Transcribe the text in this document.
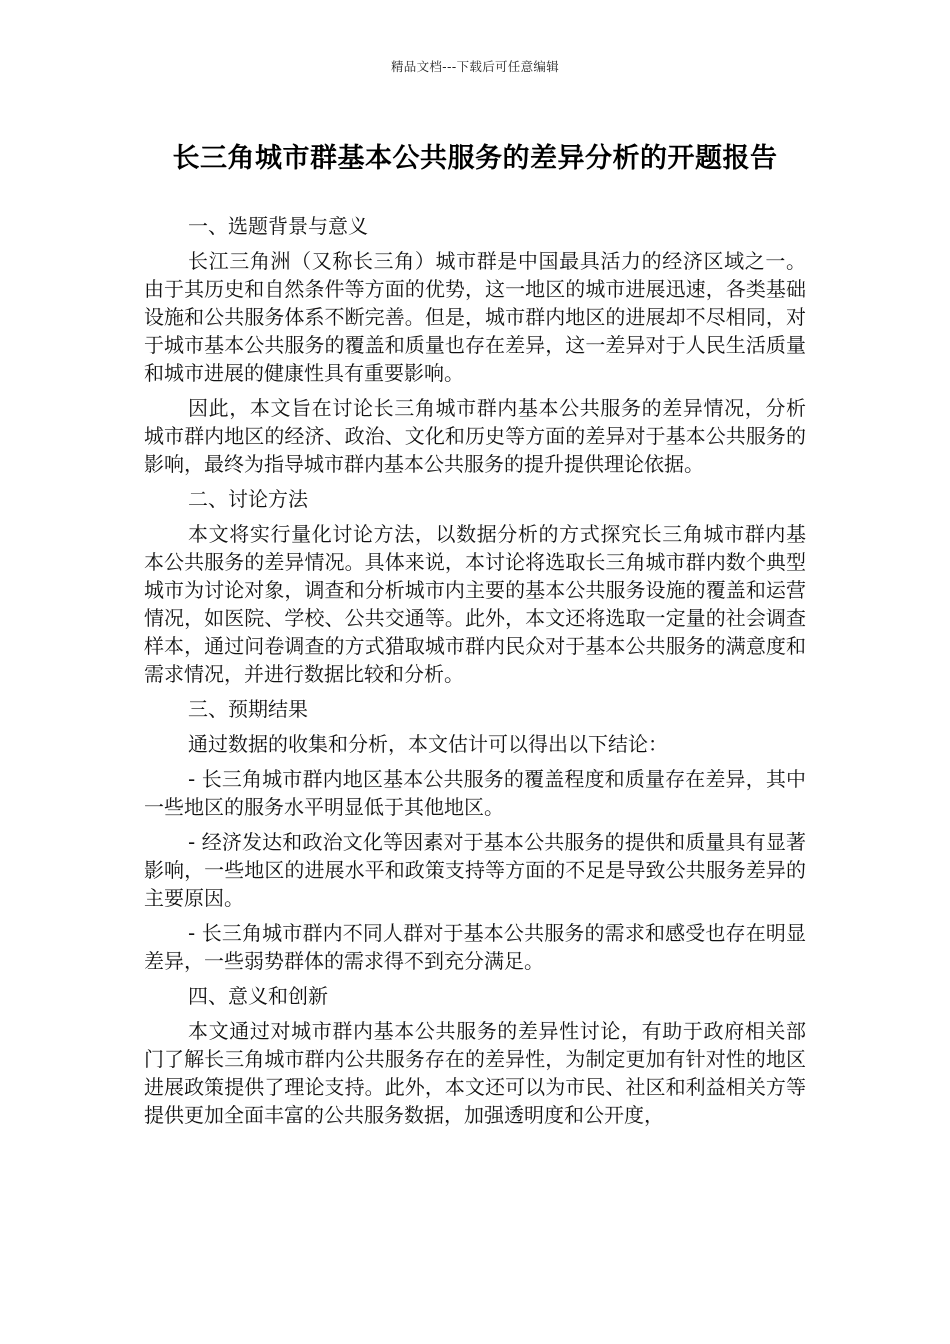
精品文档---下载后可任意编辑
长三角城市群基本公共服务的差异分析的开题报告

一、选题背景与意义

长江三角洲（又称长三角）城市群是中国最具活力的经济区域之一。由于其历史和自然条件等方面的优势，这一地区的城市进展迅速，各类基础设施和公共服务体系不断完善。但是，城市群内地区的进展却不尽相同，对于城市基本公共服务的覆盖和质量也存在差异，这一差异对于人民生活质量和城市进展的健康性具有重要影响。

因此，本文旨在讨论长三角城市群内基本公共服务的差异情况，分析城市群内地区的经济、政治、文化和历史等方面的差异对于基本公共服务的影响，最终为指导城市群内基本公共服务的提升提供理论依据。

二、讨论方法

本文将实行量化讨论方法，以数据分析的方式探究长三角城市群内基本公共服务的差异情况。具体来说，本讨论将选取长三角城市群内数个典型城市为讨论对象，调查和分析城市内主要的基本公共服务设施的覆盖和运营情况，如医院、学校、公共交通等。此外，本文还将选取一定量的社会调查样本，通过问卷调查的方式猎取城市群内民众对于基本公共服务的满意度和需求情况，并进行数据比较和分析。

三、预期结果

通过数据的收集和分析，本文估计可以得出以下结论：

- 长三角城市群内地区基本公共服务的覆盖程度和质量存在差异，其中一些地区的服务水平明显低于其他地区。

- 经济发达和政治文化等因素对于基本公共服务的提供和质量具有显著影响，一些地区的进展水平和政策支持等方面的不足是导致公共服务差异的主要原因。

- 长三角城市群内不同人群对于基本公共服务的需求和感受也存在明显差异，一些弱势群体的需求得不到充分满足。

四、意义和创新

本文通过对城市群内基本公共服务的差异性讨论，有助于政府相关部门了解长三角城市群内公共服务存在的差异性，为制定更加有针对性的地区进展政策提供了理论支持。此外，本文还可以为市民、社区和利益相关方等提供更加全面丰富的公共服务数据，加强透明度和公开度，
